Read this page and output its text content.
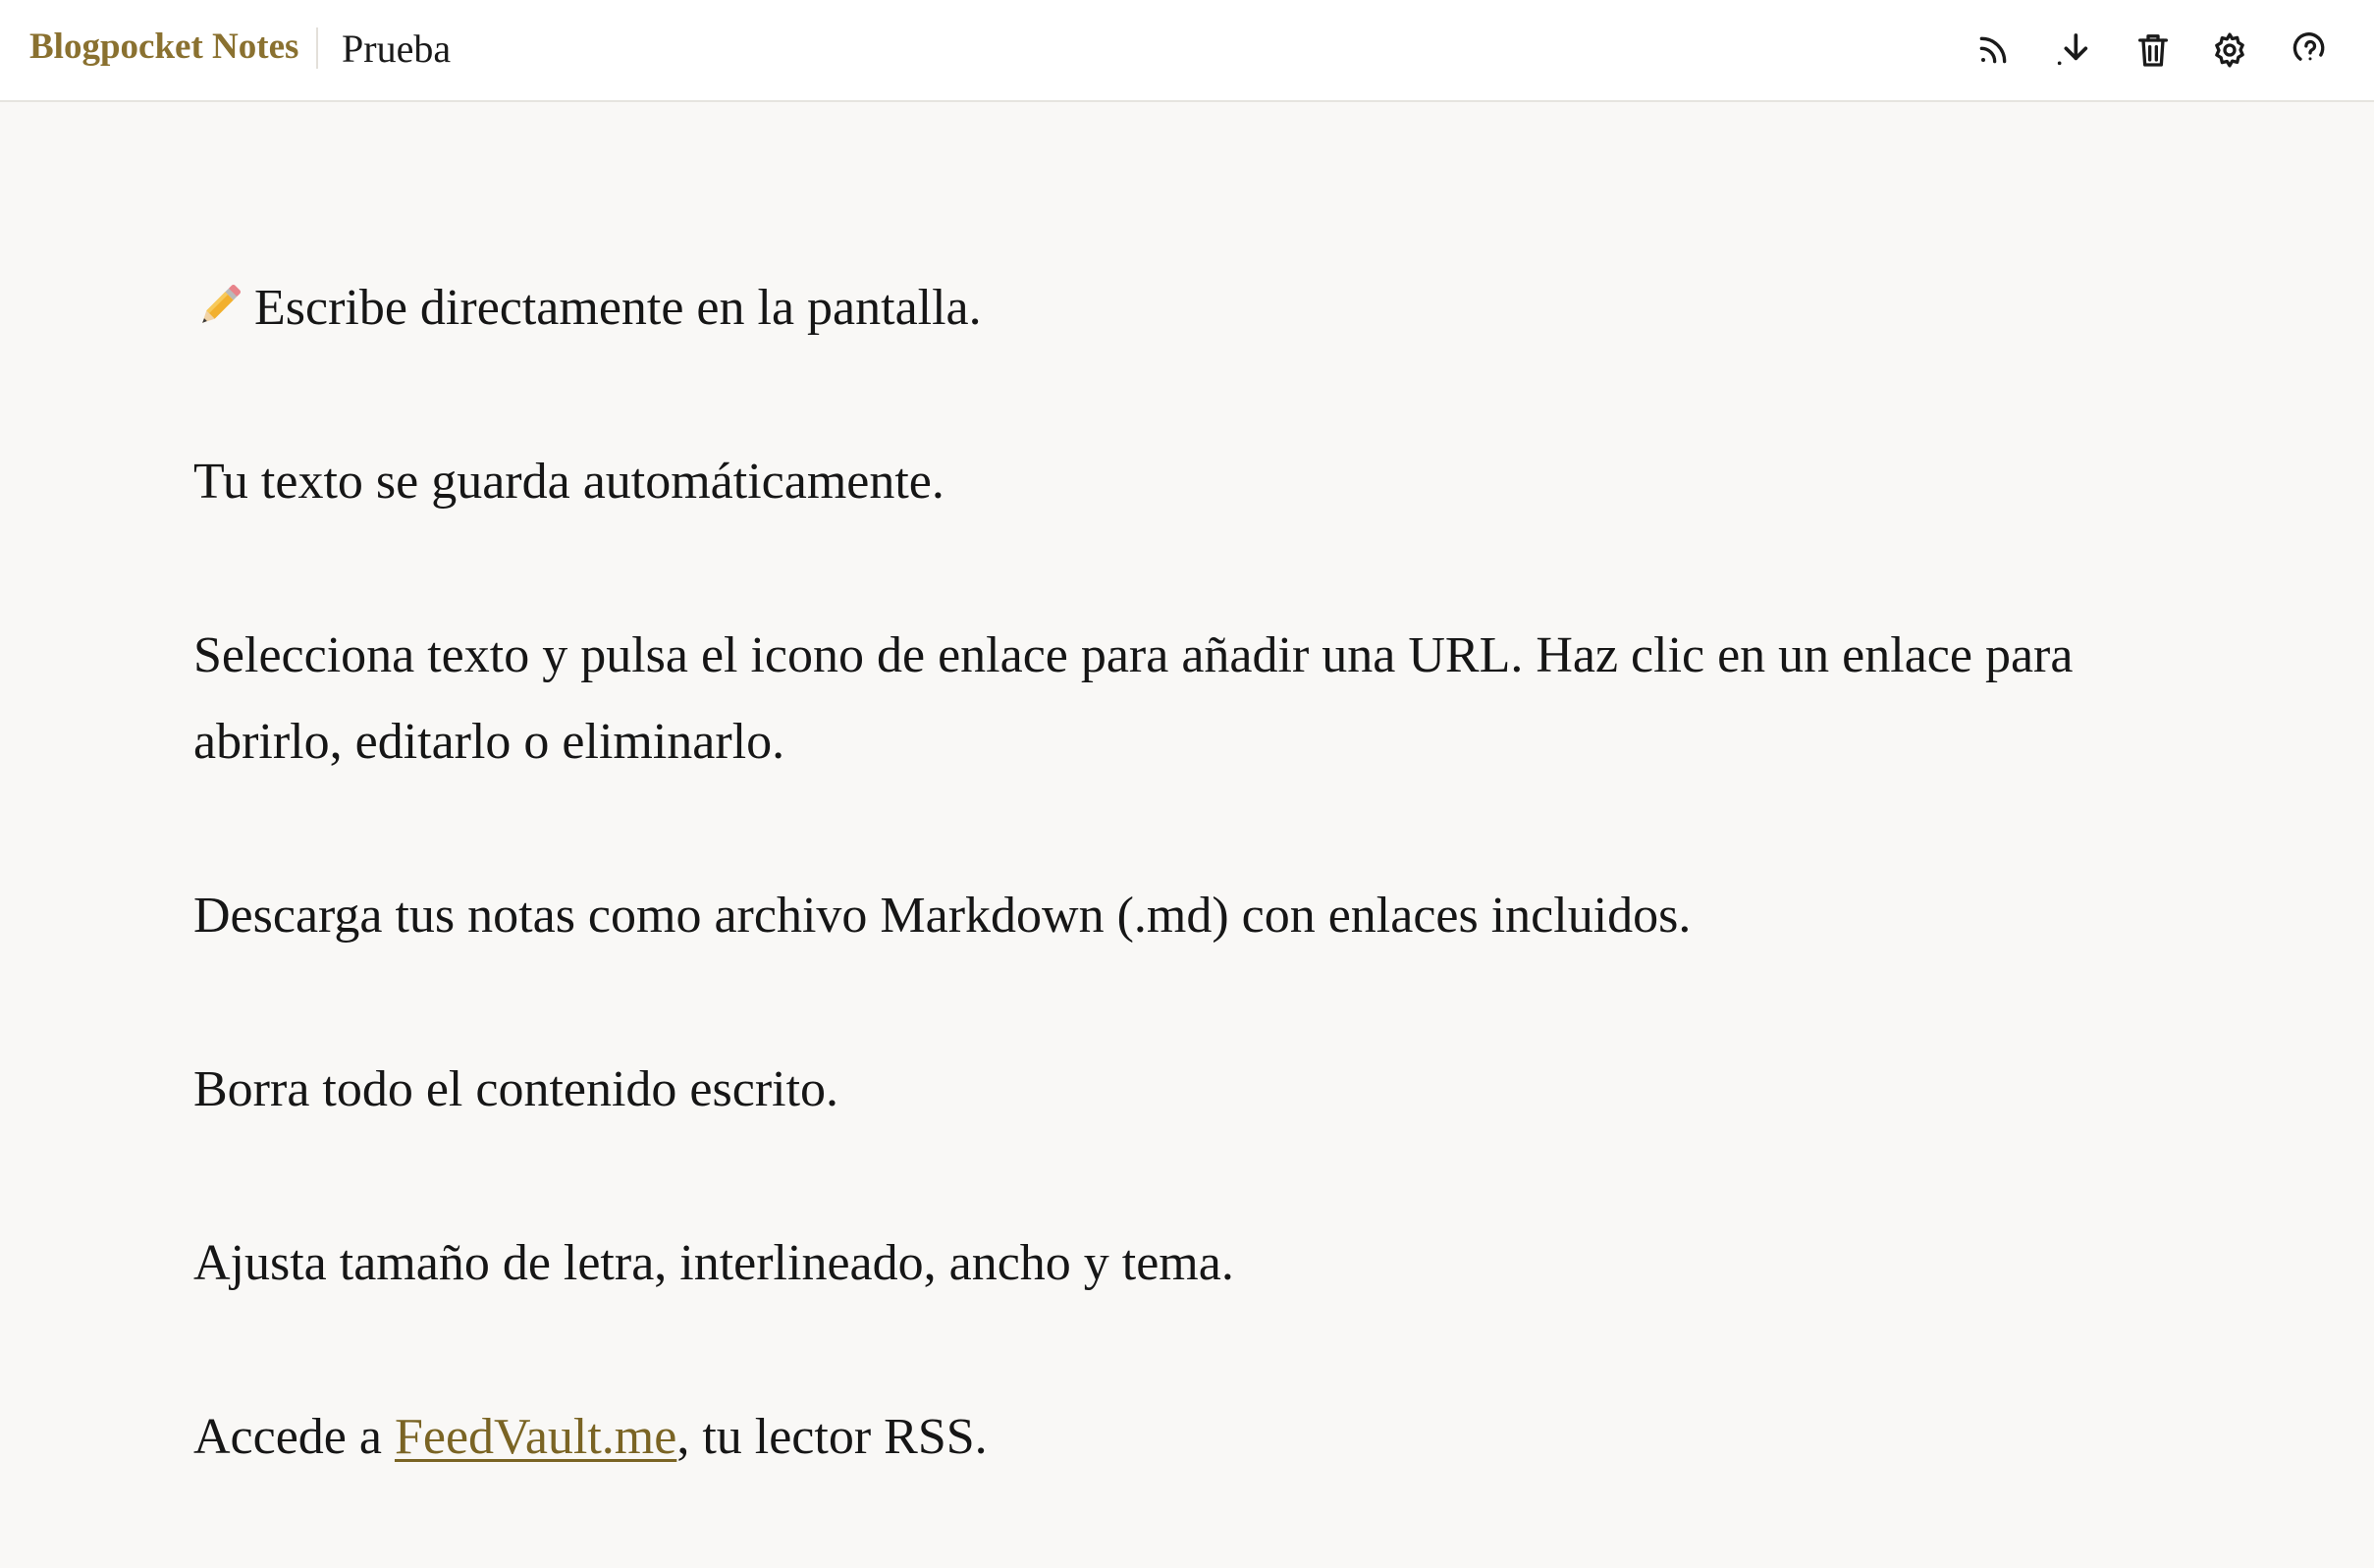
Blogpocket Notes Prueba

Escribe directamente en la pantalla.

Tu texto se guarda automáticamente.

Selecciona texto y pulsa el icono de enlace para añadir una URL. Haz clic en un enlace para abrirlo, editarlo o eliminarlo.

Descarga tus notas como archivo Markdown (.md) con enlaces incluidos.

Borra todo el contenido escrito.

Ajusta tamaño de letra, interlineado, ancho y tema.

Accede a FeedVault.me, tu lector RSS.
